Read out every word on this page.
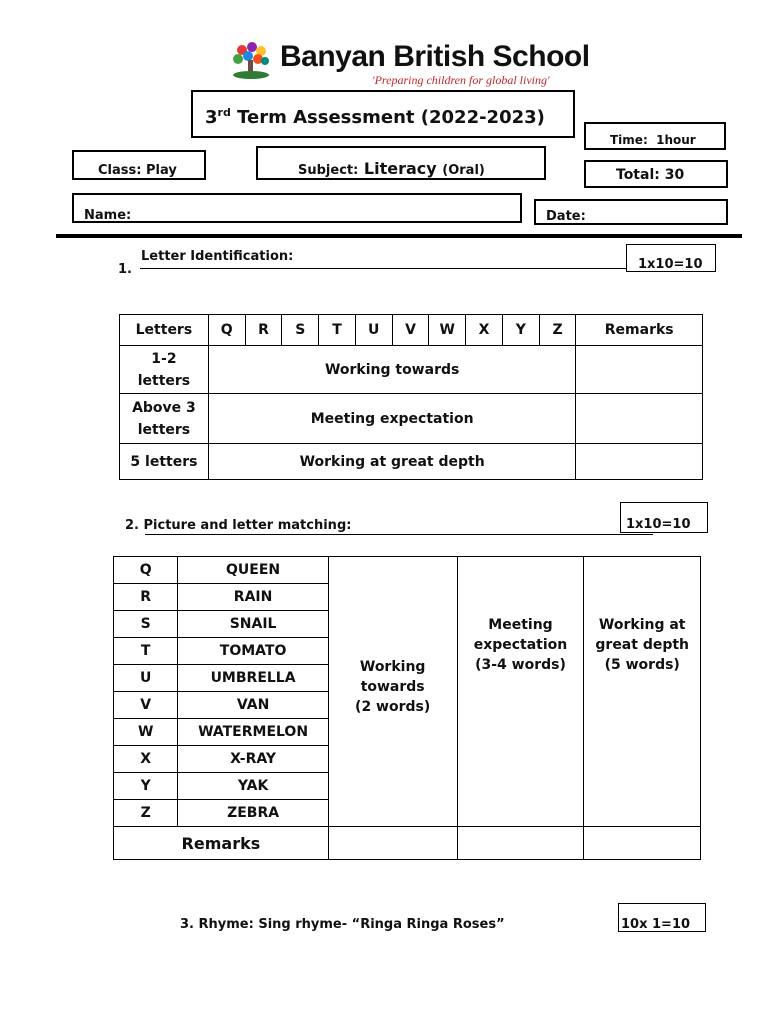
Banyan British School
'Preparing children for global living'
3rd Term Assessment (2022-2023)
Time:  1hour
Class: Play	Subject: Literacy (Oral)	Total: 30
Name:	Date:
1.
Letter Identification:
1x10=10
Letters	Q	R	S	T	U	V	W	X	Y	Z	Remarks
1-2 letters	Working towards										
Above 3 letters	Meeting expectation										
5 letters	Working at great depth										
2. Picture and letter matching:	1x10=10
Q	QUEEN	Working towards (2 words)	Meeting expectation (3-4 words)	Working at great depth (5 words)

R	RAIN			
S	SNAIL			
T	TOMATO			
U	UMBRELLA			
V	VAN			
W	WATERMELON			
X	X-RAY			
Y	YAK			
Z	ZEBRA			
Remarks				
3. Rhyme: Sing rhyme- “Ringa Ringa Roses”	10x 1=10
